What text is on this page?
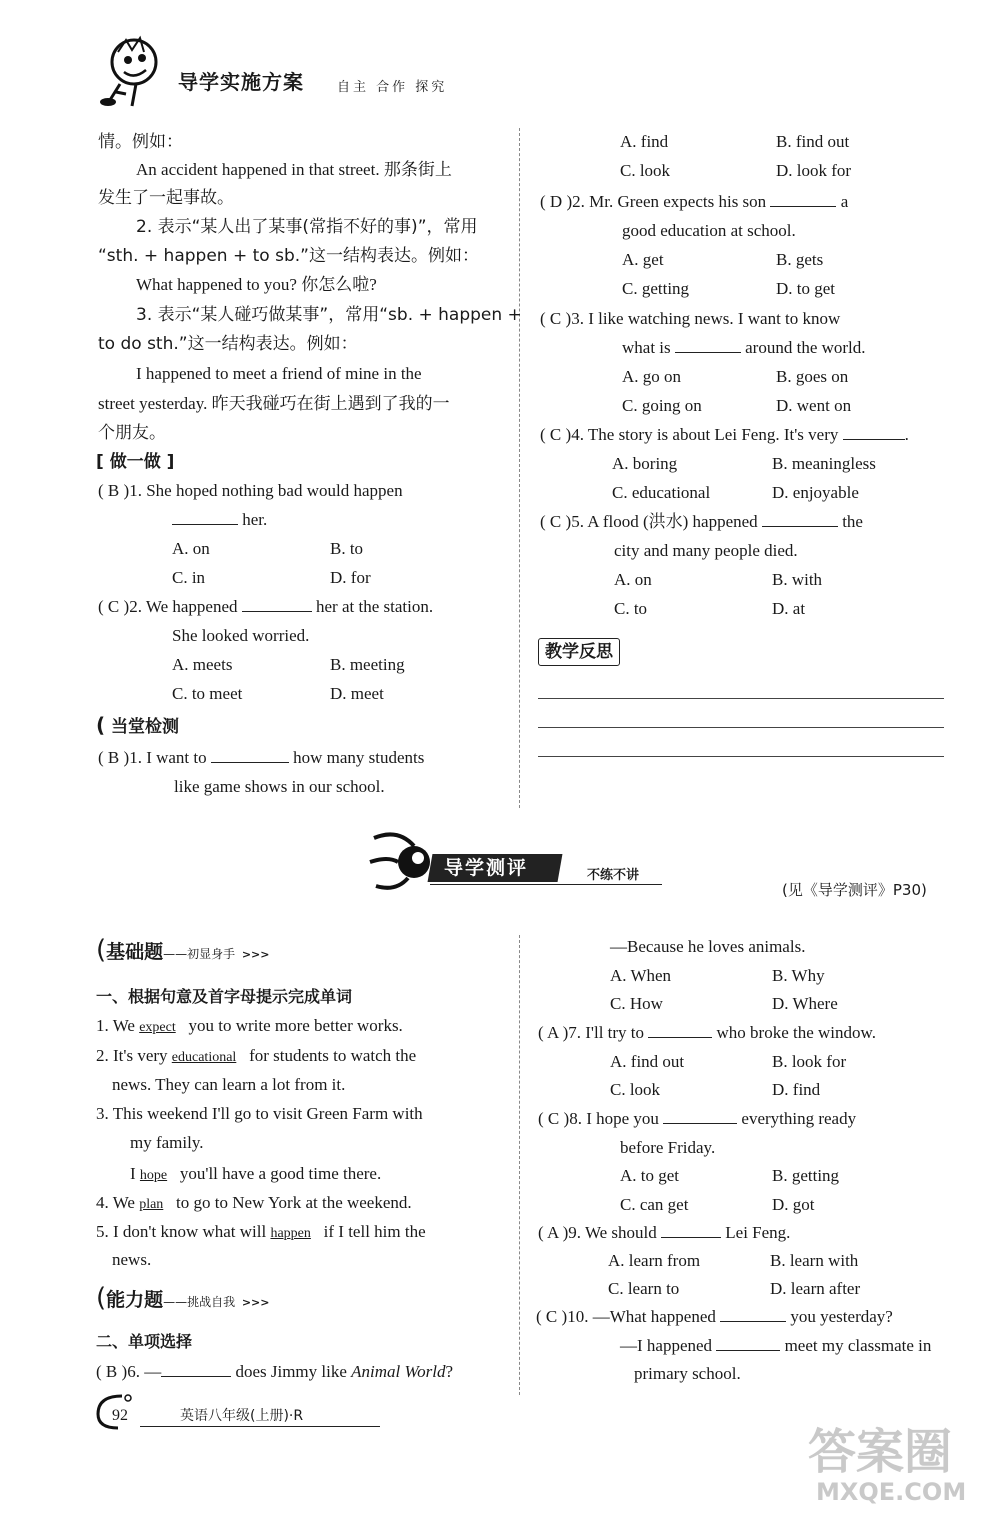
导学实施方案	自主 合作 探究
情。例如：
An accident happened in that street. 那条街上
发生了一起事故。
2. 表示“某人出了某事(常指不好的事)”，常用
“sth. + happen + to sb.”这一结构表达。例如：
What happened to you? 你怎么啦?
3. 表示“某人碰巧做某事”，常用“sb. + happen +
to do sth.”这一结构表达。例如：
I happened to meet a friend of mine in the
street yesterday. 昨天我碰巧在街上遇到了我的一
个朋友。
[ 做一做 ]
( B )1. She hoped nothing bad would happen
her.
A. on	B. to
C. in	D. for
( C )2. We happened	her at the station.
She looked worried.
A. meets	B. meeting
C. to meet	D. meet
( 当堂检测
( B )1. I want to	how many students
like game shows in our school.
A. find	B. find out
C. look	D. look for
( D )2. Mr. Green expects his son	a
good education at school.
A. get	B. gets
C. getting	D. to get
( C )3. I like watching news. I want to know
what is	around the world.
A. go on	B. goes on
C. going on	D. went on
( C )4. The story is about Lei Feng. It's very	.
A. boring	B. meaningless
C. educational	D. enjoyable
( C )5. A flood (洪水) happened	the
city and many people died.
A. on	B. with
C. to	D. at
教学反思
导学测评	不练不讲
(见《导学测评》P30)
(基础题——初显身手 >>>
一、根据句意及首字母提示完成单词
1. We expect you to write more better works.
2. It's very educational for students to watch the
news. They can learn a lot from it.
3. This weekend I'll go to visit Green Farm with
my family.
I hope you'll have a good time there.
4. We plan to go to New York at the weekend.
5. I don't know what will happen if I tell him the
news.
(能力题——挑战自我 >>>
二、单项选择
( B )6. —	does Jimmy like Animal World?
—Because he loves animals.
A. When	B. Why
C. How	D. Where
( A )7. I'll try to	who broke the window.
A. find out	B. look for
C. look	D. find
( C )8. I hope you	everything ready
before Friday.
A. to get	B. getting
C. can get	D. got
( A )9. We should	Lei Feng.
A. learn from	B. learn with
C. learn to	D. learn after
( C )10. —What happened	you yesterday?
—I happened	meet my classmate in
primary school.
92	英语八年级(上册)·R
答案圈
MXQE.COM
